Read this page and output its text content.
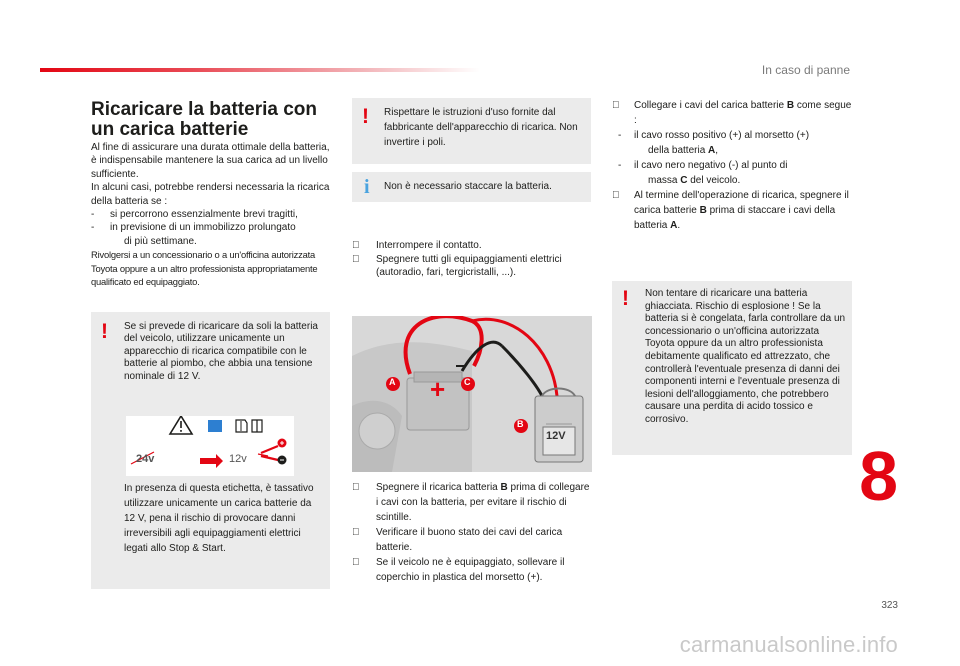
In caso di panne
Ricaricare la batteria con un carica batterie
Al fine di assicurare una durata ottimale della batteria, è indispensabile mantenere la sua carica ad un livello sufficiente.
In alcuni casi, potrebbe rendersi necessaria la ricarica della batteria se :
- si percorrono essenzialmente brevi tragitti,
- in previsione di un immobilizzo prolungato
di più settimane.
Rivolgersi a un concessionario o a un'officina autorizzata Toyota oppure a un altro professionista appropriatamente qualificato ed equipaggiato.
! Se si prevede di ricaricare da soli la batteria del veicolo, utilizzare unicamente un apparecchio di ricarica compatibile con le batterie al piombo, che abbia una tensione nominale di 12 V.
24v	12v
In presenza di questa etichetta, è tassativo utilizzare unicamente un carica batterie da 12 V, pena il rischio di provocare danni irreversibili agli equipaggiamenti elettrici legati allo Stop & Start.
! Rispettare le istruzioni d'uso fornite dal fabbricante dell'apparecchio di ricarica. Non invertire i poli.
i Non è necessario staccare la batteria.
Interrompere il contatto.
Spegnere tutti gli equipaggiamenti elettrici (autoradio, fari, tergicristalli, ...).
+
A	C
B
12V
Spegnere il ricarica batteria B prima di collegare i cavi con la batteria, per evitare il rischio di scintille.
Verificare il buono stato dei cavi del carica batterie.
Se il veicolo ne è equipaggiato, sollevare il coperchio in plastica del morsetto (+).
Collegare i cavi del carica batterie B come segue :
- il cavo rosso positivo (+) al morsetto (+)
della batteria A,
- il cavo nero negativo (-) al punto di
massa C del veicolo.
Al termine dell'operazione di ricarica, spegnere il carica batterie B prima di staccare i cavi della batteria A.
! Non tentare di ricaricare una batteria ghiacciata. Rischio di esplosione ! Se la batteria si è congelata, farla controllare da un concessionario o un'officina autorizzata Toyota oppure da un altro professionista debitamente qualificato ed attrezzato, che controllerà l'eventuale presenza di danni dei componenti interni e l'eventuale presenza di lesioni dell'alloggiamento, che potrebbero causare una perdita di acido tossico e corrosivo.
8
323
carmanualsonline.info
